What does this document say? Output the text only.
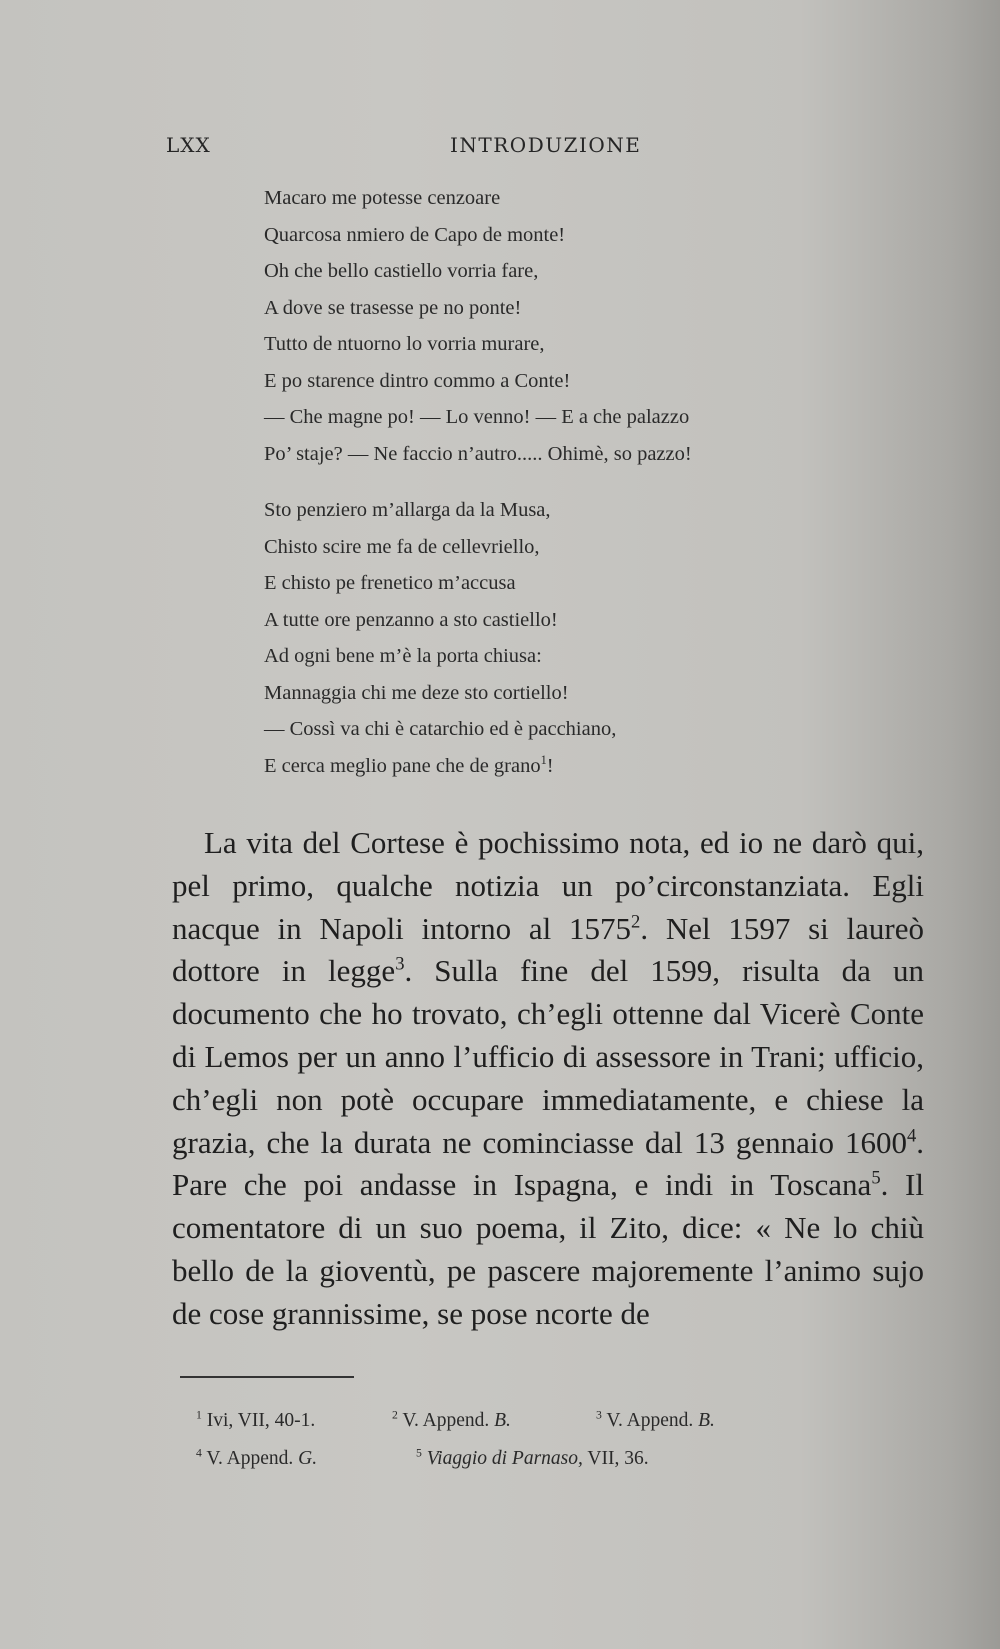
LXX	INTRODUZIONE
Macaro me potesse cenzoare
Quarcosa nmiero de Capo de monte!
Oh che bello castiello vorria fare,
A dove se trasesse pe no ponte!
Tutto de ntuorno lo vorria murare,
E po starence dintro commo a Conte!
— Che magne po! — Lo venno! — E a che palazzo
Po’ staje? — Ne faccio n’autro..... Ohimè, so pazzo!
Sto penziero m’allarga da la Musa,
Chisto scire me fa de cellevriello,
E chisto pe frenetico m’accusa
A tutte ore penzanno a sto castiello!
Ad ogni bene m’è la porta chiusa:
Mannaggia chi me deze sto cortiello!
— Cossì va chi è catarchio ed è pacchiano,
E cerca meglio pane che de grano$^1$!

La vita del Cortese è pochissimo nota, ed io ne darò qui, pel primo, qualche notizia un po’circonstanziata. Egli nacque in Napoli intorno al 1575$^2$. Nel 1597 si laureò dottore in legge$^3$. Sulla fine del 1599, risulta da un documento che ho trovato, ch’egli ottenne dal Vicerè Conte di Lemos per un anno l’ufficio di assessore in Trani; ufficio, ch’egli non potè occupare immediatamente, e chiese la grazia, che la durata ne cominciasse dal 13 gennaio 1600$^4$. Pare che poi andasse in Ispagna, e indi in Toscana$^5$. Il comentatore di un suo poema, il Zito, dice: « Ne lo chiù bello de la gioventù, pe pascere majoremente l’animo sujo de cose grannissime, se pose ncorte de

$^1$ Ivi, VII, 40-1.	$^2$ V. Append. B.	$^3$ V. Append. B.
$^4$ V. Append. G.	$^5$ Viaggio di Parnaso, VII, 36.
